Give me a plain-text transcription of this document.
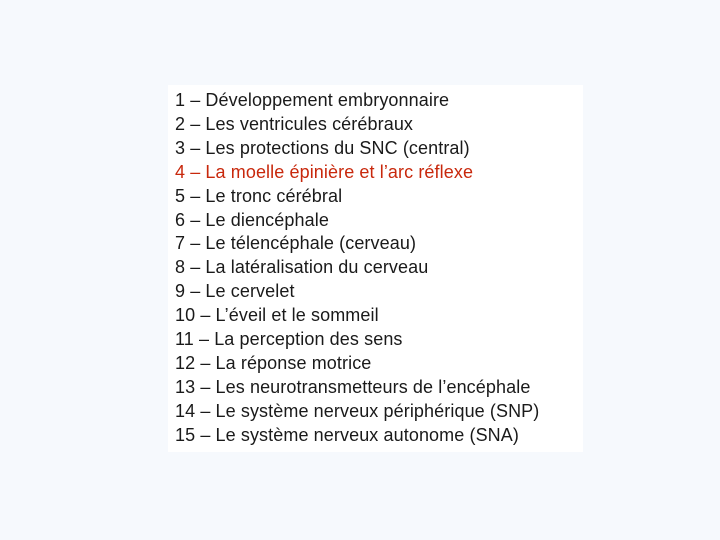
1 – Développement embryonnaire
2 – Les ventricules cérébraux
3 – Les protections du SNC (central)
4 – La moelle épinière et l’arc réflexe
5 – Le tronc cérébral
6 – Le diencéphale
7 – Le télencéphale (cerveau)
8 – La latéralisation du cerveau
9 – Le cervelet
10 – L’éveil et le sommeil
11 – La perception des sens
12 – La réponse motrice
13 – Les neurotransmetteurs de l’encéphale
14 – Le système nerveux périphérique (SNP)
15 – Le système nerveux autonome (SNA)
